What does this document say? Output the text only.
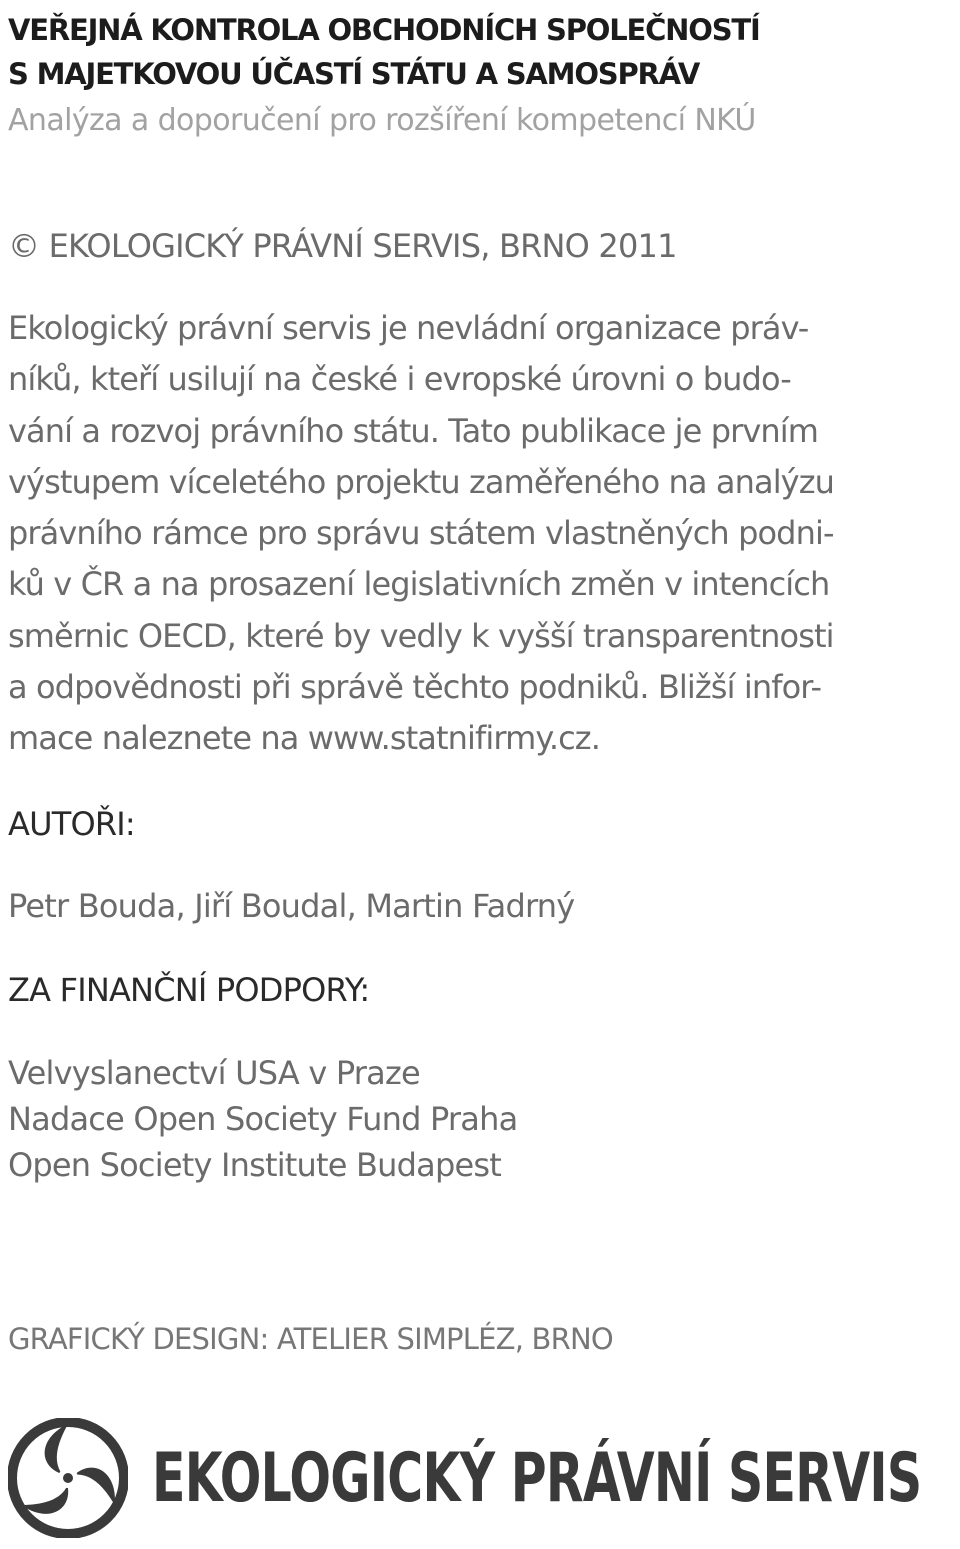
VEŘEJNÁ KONTROLA OBCHODNÍCH SPOLEČNOSTÍ
S MAJETKOVOU ÚČASTÍ STÁTU A SAMOSPRÁV
Analýza a doporučení pro rozšíření kompetencí NKÚ
© EKOLOGICKÝ PRÁVNÍ SERVIS, BRNO 2011

Ekologický právní servis je nevládní organizace práv-
níků, kteří usilují na české i evropské úrovni o budo-
vání a rozvoj právního státu. Tato publikace je prvním
výstupem víceletého projektu zaměřeného na analýzu
právního rámce pro správu státem vlastněných podni-
ků v ČR a na prosazení legislativních změn v intencích
směrnic OECD, které by vedly k vyšší transparentnosti
a odpovědnosti při správě těchto podniků. Bližší infor-
mace naleznete na www.statnifirmy.cz.

AUTOŘI:
Petr Bouda, Jiří Boudal, Martin Fadrný
ZA FINANČNÍ PODPORY:
Velvyslanectví USA v Praze
Nadace Open Society Fund Praha
Open Society Institute Budapest
GRAFICKÝ DESIGN: ATELIER SIMPLÉZ, BRNO
EKOLOGICKÝ PRÁVNÍ SERVIS
